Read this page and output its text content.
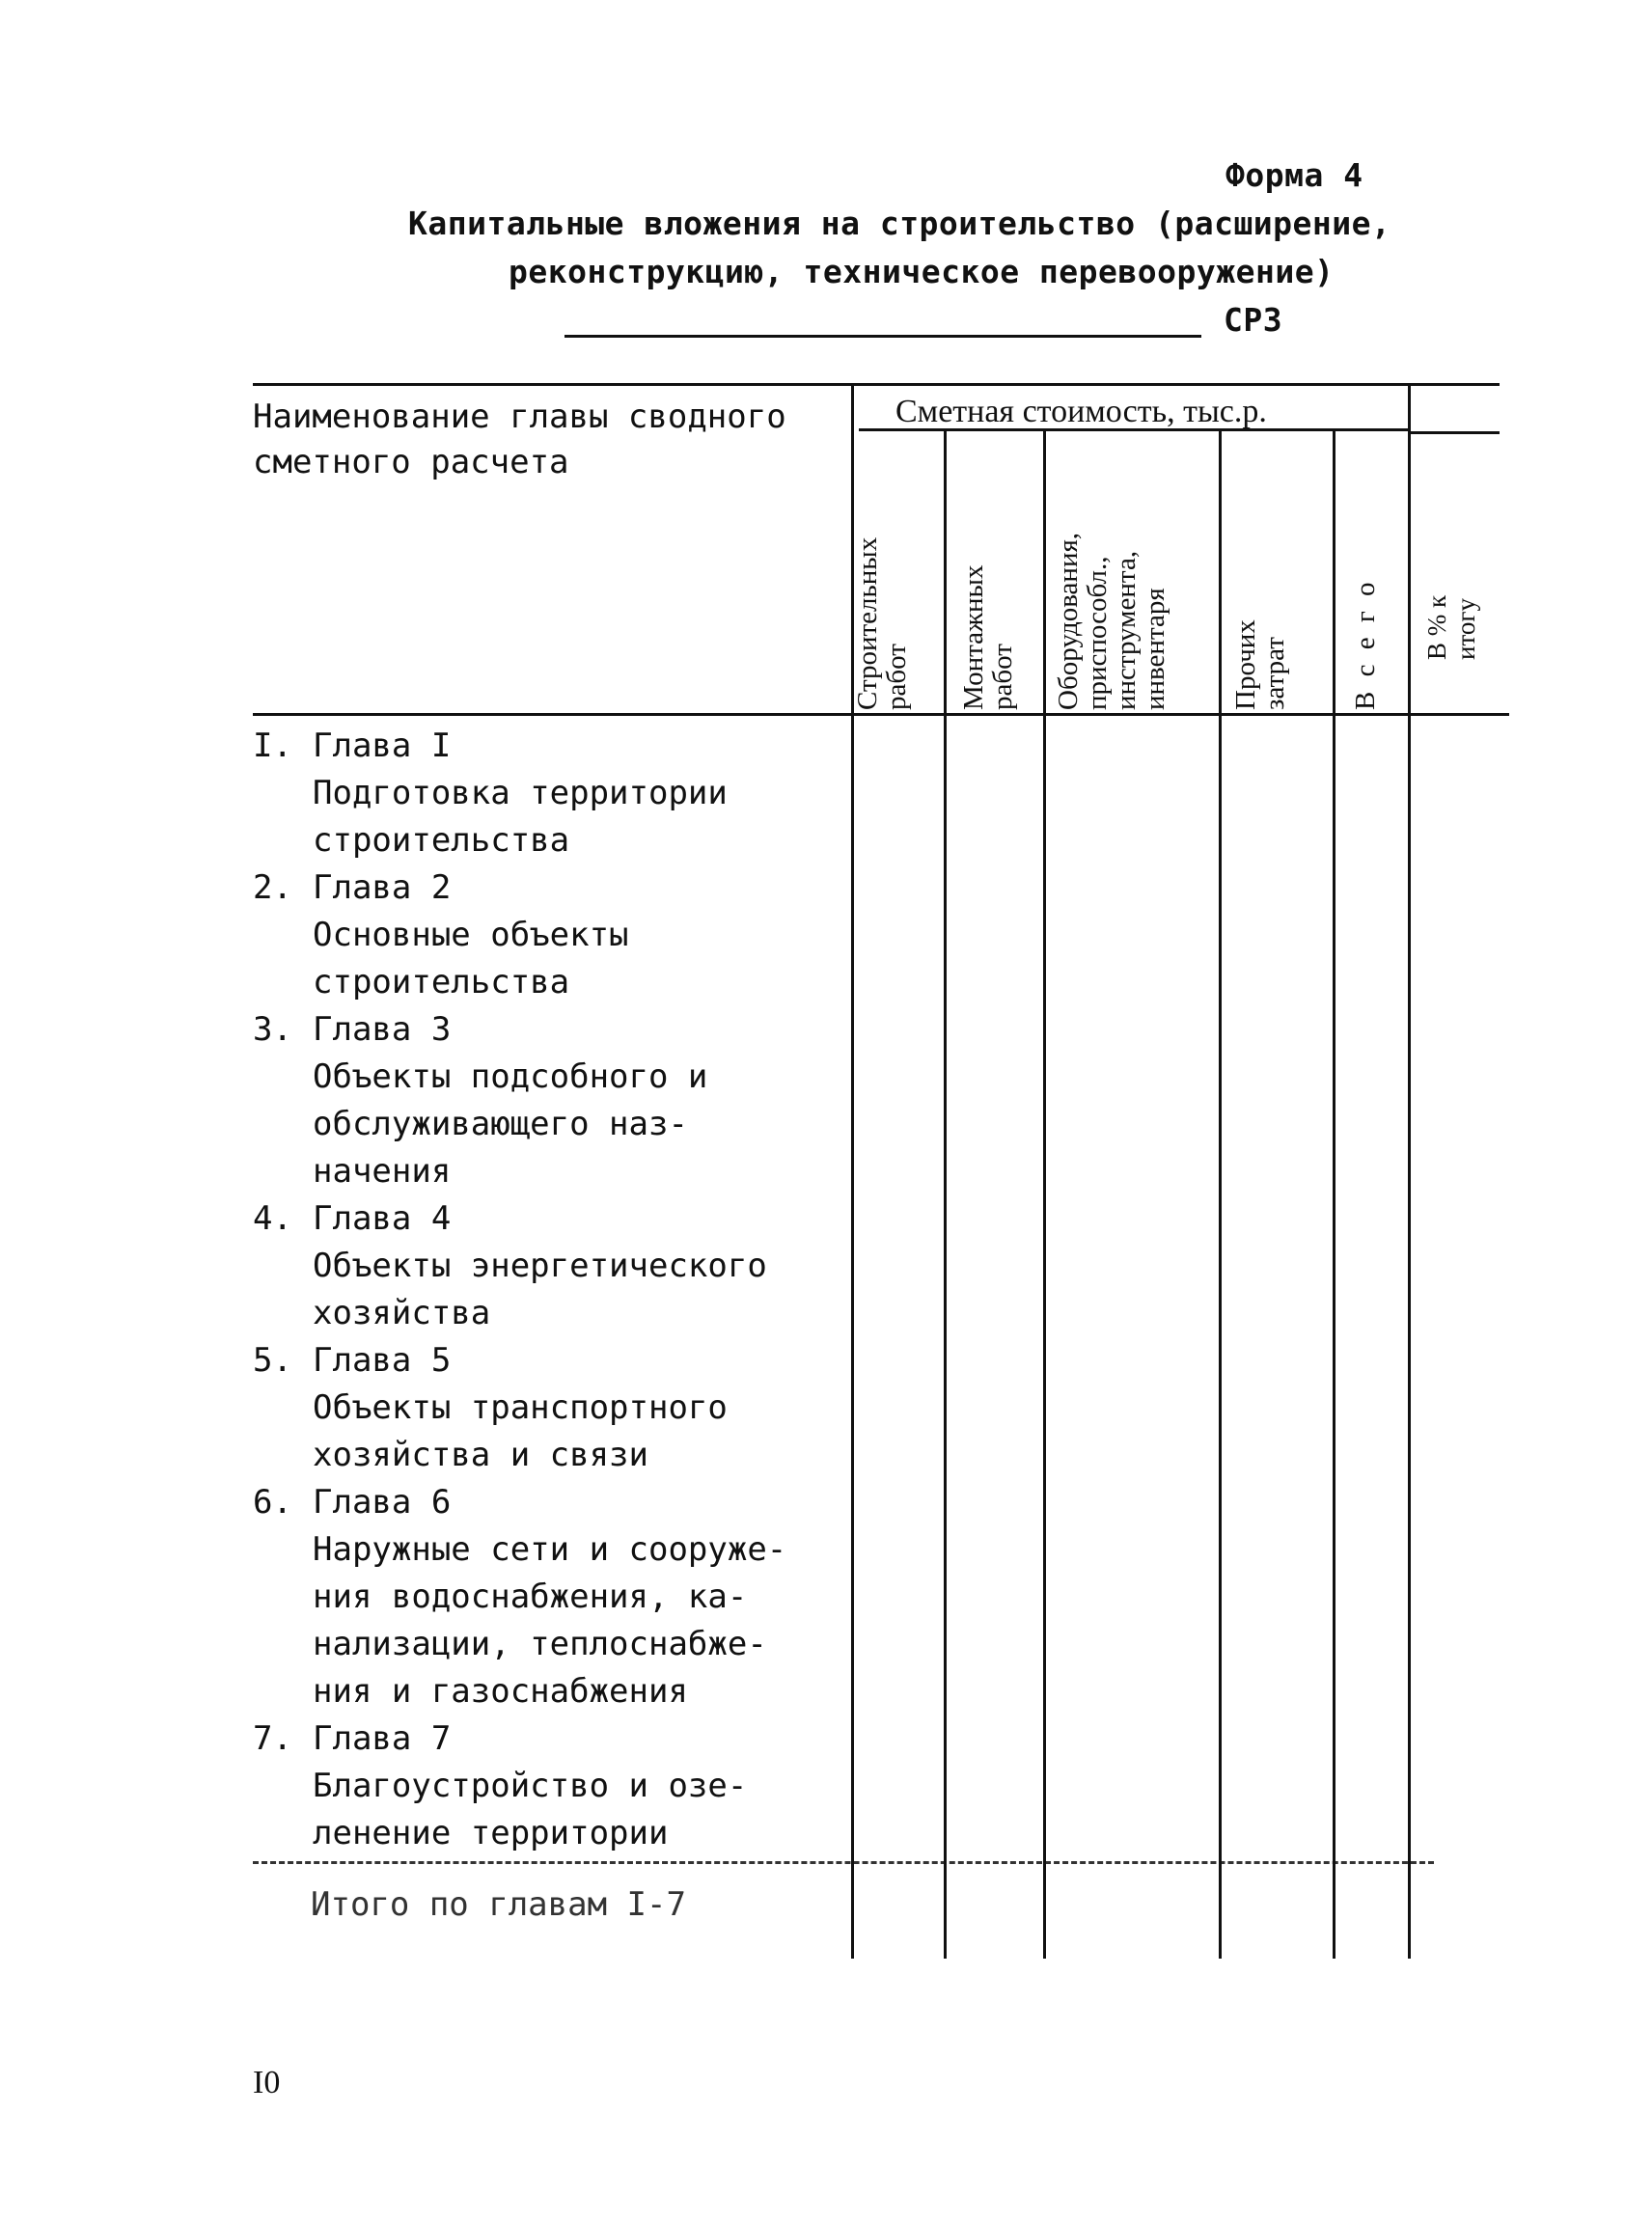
Форма 4
Капитальные вложения на строительство (расширение,
реконструкцию, техническое перевооружение)
СРЗ
Наименование главы сводного
сметного расчета
Сметная стоимость, тыс.р.
Строительных
работ Монтажных
работ Оборудования,
приспособл.,
инструмента,
инвентаря Прочих
затрат В с е г о В % к итогу
I. Глава I
Подготовка территории
строительства
2. Глава 2
Основные объекты
строительства
3. Глава 3
Объекты подсобного и
обслуживающего наз-
начения
4. Глава 4
Объекты энергетического
хозяйства
5. Глава 5
Объекты транспортного
хозяйства и связи
6. Глава 6
Наружные сети и сооруже-
ния водоснабжения, ка-
нализации, теплоснабже-
ния и газоснабжения
7. Глава 7
Благоустройство и озе-
ленение территории
Итого по главам I-7
I0
